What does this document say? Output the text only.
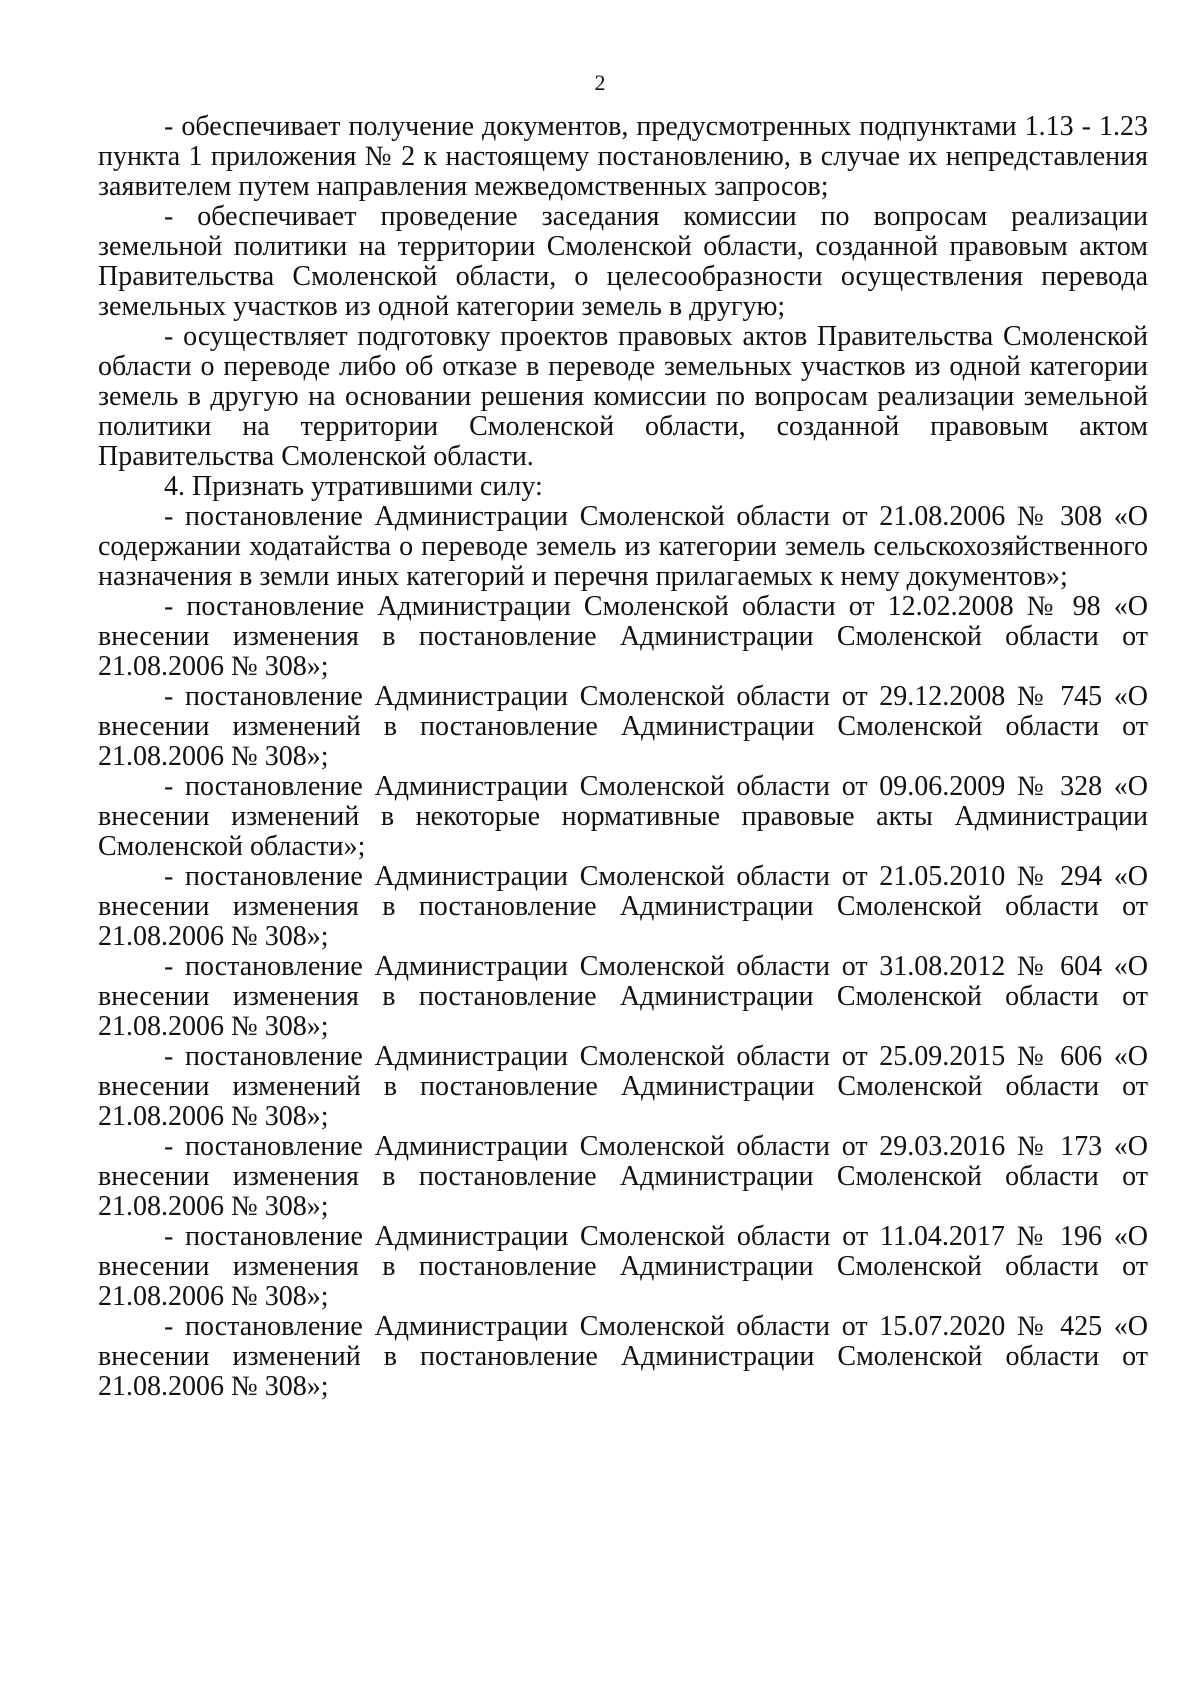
2

- обеспечивает получение документов, предусмотренных подпунктами 1.13 - 1.23 пункта 1 приложения № 2 к настоящему постановлению, в случае их непредставления заявителем путем направления межведомственных запросов;

- обеспечивает проведение заседания комиссии по вопросам реализации земельной политики на территории Смоленской области, созданной правовым актом Правительства Смоленской области, о целесообразности осуществления перевода земельных участков из одной категории земель в другую;

- осуществляет подготовку проектов правовых актов Правительства Смоленской области о переводе либо об отказе в переводе земельных участков из одной категории земель в другую на основании решения комиссии по вопросам реализации земельной политики на территории Смоленской области, созданной правовым актом Правительства Смоленской области.

4. Признать утратившими силу:

- постановление Администрации Смоленской области от 21.08.2006 № 308 «О содержании ходатайства о переводе земель из категории земель сельскохозяйственного назначения в земли иных категорий и перечня прилагаемых к нему документов»;

- постановление Администрации Смоленской области от 12.02.2008 № 98 «О внесении изменения в постановление Администрации Смоленской области от 21.08.2006 № 308»;

- постановление Администрации Смоленской области от 29.12.2008 № 745 «О внесении изменений в постановление Администрации Смоленской области от 21.08.2006 № 308»;

- постановление Администрации Смоленской области от 09.06.2009 № 328 «О внесении изменений в некоторые нормативные правовые акты Администрации Смоленской области»;

- постановление Администрации Смоленской области от 21.05.2010 № 294 «О внесении изменения в постановление Администрации Смоленской области от 21.08.2006 № 308»;

- постановление Администрации Смоленской области от 31.08.2012 № 604 «О внесении изменения в постановление Администрации Смоленской области от 21.08.2006 № 308»;

- постановление Администрации Смоленской области от 25.09.2015 № 606 «О внесении изменений в постановление Администрации Смоленской области от 21.08.2006 № 308»;

- постановление Администрации Смоленской области от 29.03.2016 № 173 «О внесении изменения в постановление Администрации Смоленской области от 21.08.2006 № 308»;

- постановление Администрации Смоленской области от 11.04.2017 № 196 «О внесении изменения в постановление Администрации Смоленской области от 21.08.2006 № 308»;

- постановление Администрации Смоленской области от 15.07.2020 № 425 «О внесении изменений в постановление Администрации Смоленской области от 21.08.2006 № 308»;
